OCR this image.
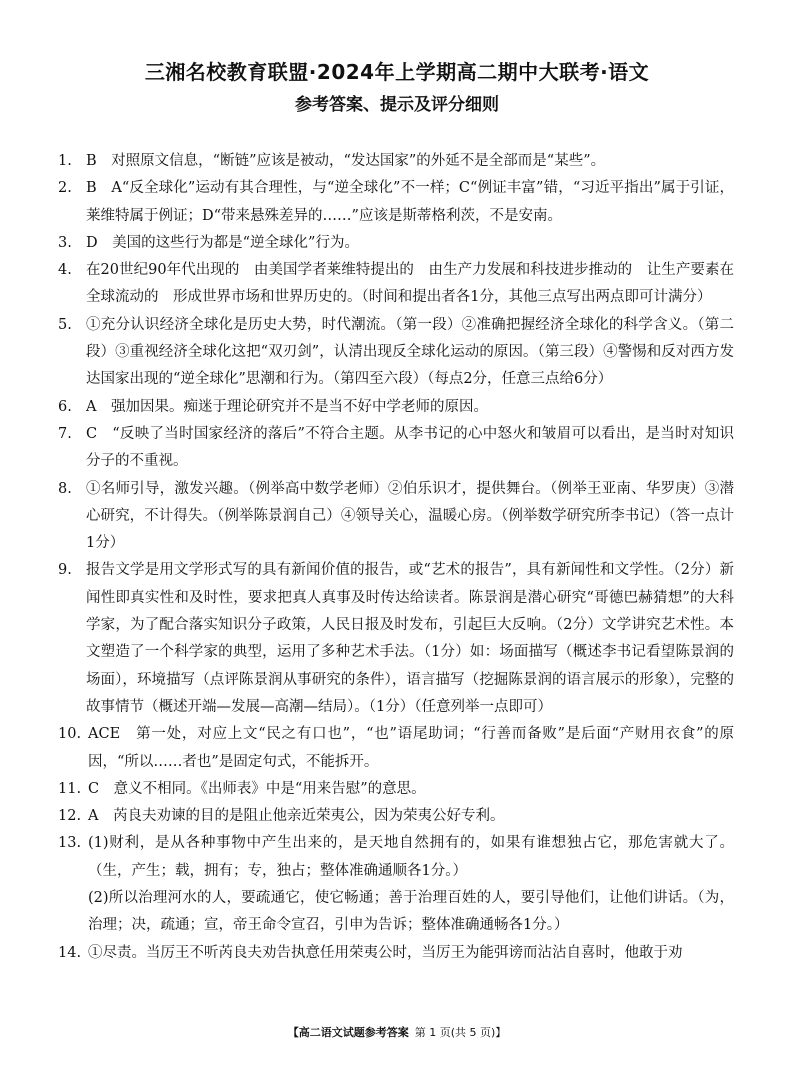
三湘名校教育联盟·2024年上学期高二期中大联考·语文
参考答案、提示及评分细则
1. B　对照原文信息，“断链”应该是被动，“发达国家”的外延不是全部而是“某些”。
2. B　A“反全球化”运动有其合理性，与“逆全球化”不一样；C“例证丰富”错，“习近平指出”属于引证，莱维特属于例证；D“带来悬殊差异的……”应该是斯蒂格利茨，不是安南。
3. D　美国的这些行为都是“逆全球化”行为。
4. 在20世纪90年代出现的　由美国学者莱维特提出的　由生产力发展和科技进步推动的　让生产要素在全球流动的　形成世界市场和世界历史的。（时间和提出者各1分，其他三点写出两点即可计满分）
5. ①充分认识经济全球化是历史大势，时代潮流。（第一段）②准确把握经济全球化的科学含义。（第二段）③重视经济全球化这把“双刃剑”，认清出现反全球化运动的原因。（第三段）④警惕和反对西方发达国家出现的“逆全球化”思潮和行为。（第四至六段）（每点2分，任意三点给6分）
6. A　强加因果。痴迷于理论研究并不是当不好中学老师的原因。
7. C　“反映了当时国家经济的落后”不符合主题。从李书记的心中怒火和皱眉可以看出，是当时对知识分子的不重视。
8. ①名师引导，激发兴趣。（例举高中数学老师）②伯乐识才，提供舞台。（例举王亚南、华罗庚）③潜心研究，不计得失。（例举陈景润自己）④领导关心，温暖心房。（例举数学研究所李书记）（答一点计1分）
9. 报告文学是用文学形式写的具有新闻价值的报告，或“艺术的报告”，具有新闻性和文学性。（2分）新闻性即真实性和及时性，要求把真人真事及时传达给读者。陈景润是潜心研究“哥德巴赫猜想”的大科学家，为了配合落实知识分子政策，人民日报及时发布，引起巨大反响。（2分）文学讲究艺术性。本文塑造了一个科学家的典型，运用了多种艺术手法。（1分）如：场面描写（概述李书记看望陈景润的场面），环境描写（点评陈景润从事研究的条件），语言描写（挖掘陈景润的语言展示的形象），完整的故事情节（概述开端—发展—高潮—结局）。（1分）（任意列举一点即可）
10. ACE　第一处，对应上文“民之有口也”，“也”语尾助词；“行善而备败”是后面“产财用衣食”的原因，“所以……者也”是固定句式，不能拆开。
11. C　意义不相同。《出师表》中是“用来告慰”的意思。
12. A　芮良夫劝谏的目的是阻止他亲近荣夷公，因为荣夷公好专利。
13. (1)财利，是从各种事物中产生出来的，是天地自然拥有的，如果有谁想独占它，那危害就大了。（生，产生；载，拥有；专，独占；整体准确通顺各1分。）
(2)所以治理河水的人，要疏通它，使它畅通；善于治理百姓的人，要引导他们，让他们讲话。（为，治理；决，疏通；宣，帝王命令宣召，引申为告诉；整体准确通畅各1分。）
14. ①尽责。当厉王不听芮良夫劝告执意任用荣夷公时，当厉王为能弭谤而沾沾自喜时，他敢于劝
【高二语文试题参考答案 第 1 页(共 5 页)】
